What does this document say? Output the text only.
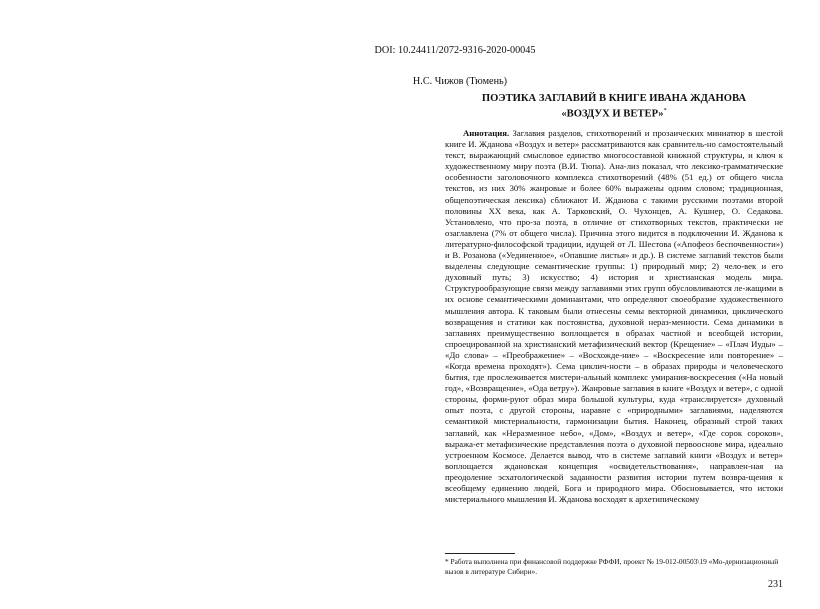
DOI: 10.24411/2072-9316-2020-00045
Н.С. Чижов (Тюмень)
ПОЭТИКА ЗАГЛАВИЙ В КНИГЕ ИВАНА ЖДАНОВА
«ВОЗДУХ И ВЕТЕР»*

Аннотация. Заглавия разделов, стихотворений и прозаических миниатюр в шестой книге И. Жданова «Воздух и ветер» рассматриваются как сравнитель-но самостоятельный текст, выражающий смысловое единство многосоставной книжной структуры, и ключ к художественному миру поэта (В.И. Тюпа). Ана-лиз показал, что лексико-грамматические особенности заголовочного комплекса стихотворений (48% (51 ед.) от общего числа текстов, из них 30% жанровые и более 60% выражены одним словом; традиционная, общепоэтическая лексика) сближают И. Жданова с такими русскими поэтами второй половины XX века, как А. Тарковский, О. Чухонцев, А. Кушнер, О. Седакова. Установлено, что про-за поэта, в отличие от стихотворных текстов, практически не озаглавлена (7% от общего числа). Причина этого видится в подключении И. Жданова к литературно-философской традиции, идущей от Л. Шестова («Апофеоз беспочвенности») и В. Розанова («Уединенное», «Опавшие листья» и др.). В системе заглавий текстов были выделены следующие семантические группы: 1) природный мир; 2) чело-век и его духовный путь; 3) искусство; 4) история и христианская модель мира. Структурообразующие связи между заглавиями этих групп обусловливаются ле-жащими в их основе семантическими доминантами, что определяют своеобразие художественного мышления автора. К таковым были отнесены семы векторной динамики, циклического возвращения и статики как постоянства, духовной нераз-менности. Сема динамики в заглавиях преимущественно воплощается в образах частной и всеобщей истории, спроецированной на христианский метафизический вектор (Крещение» – «Плач Иуды» – «До слова» – «Преображение» – «Восхожде-ние» – «Воскресение или повторение» – «Когда времена проходят»). Сема циклич-ности – в образах природы и человеческого бытия, где прослеживается мистери-альный комплекс умирания-воскресения («На новый год», «Возвращение», «Ода ветру»). Жанровые заглавия в книге «Воздух и ветер», с одной стороны, форми-руют образ мира большой культуры, куда «транслируется» духовный опыт поэта, с другой стороны, наравне с «природными» заглавиями, наделяются семантикой мистериальности, гармонизации бытия. Наконец, образный строй таких заглавий, как «Неразменное небо», «Дом», «Воздух и ветер», «Где сорок сороков», выража-ет метафизические представления поэта о духовной первооснове мира, идеально устроенном Космосе. Делается вывод, что в системе заглавий книги «Воздух и ветер» воплощается ждановская концепция «освидетельствования», направлен-ная на преодоление эсхатологической заданности развития истории путем возвра-щения к всеобщему единению людей, Бога и природного мира. Обосновывается, что истоки мистериального мышления И. Жданова восходят к архетипическому

* Работа выполнена при финансовой поддержке РФФИ, проект № 19-012-00503\19 «Мо-дернизационный вызов в литературе Сибири».
231
